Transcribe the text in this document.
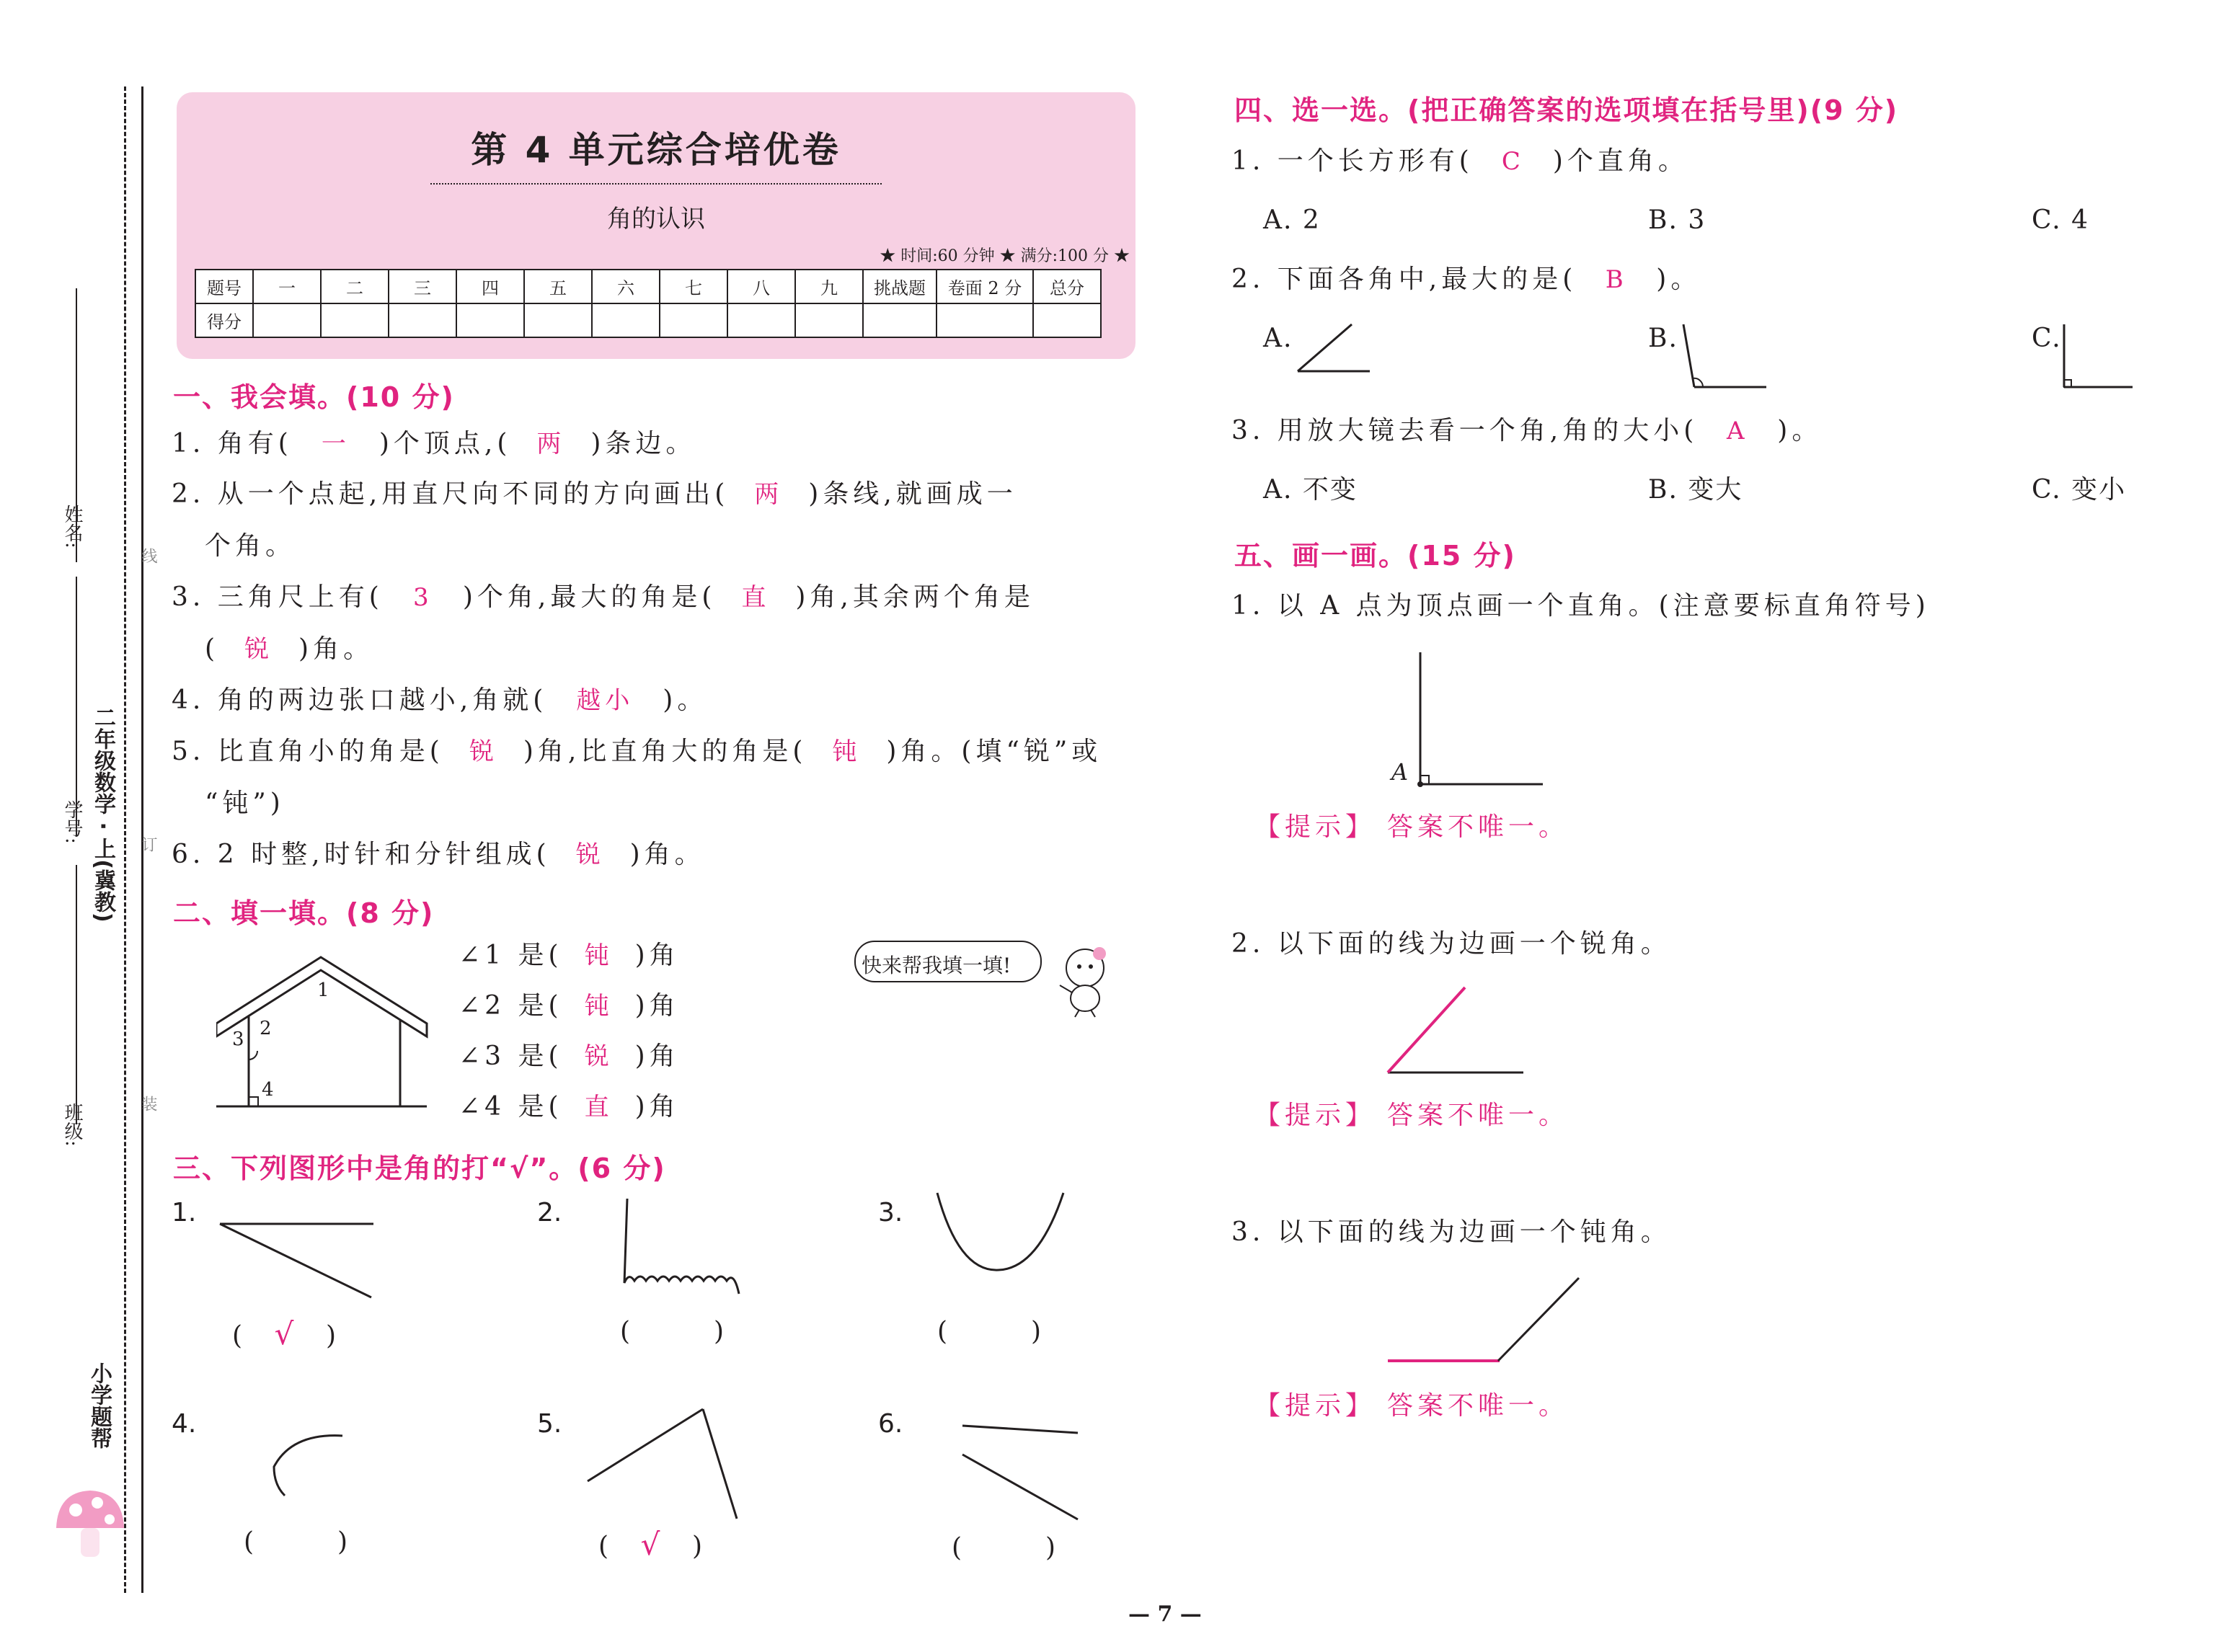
线
订
装
姓名:
学号:
班级:
二年级数学 · 上(冀教)
小学题帮
第 4 单元综合培优卷
角的认识
★ 时间:60 分钟 ★ 满分:100 分 ★
题号	一	二	三	四	五	六	七	八	九	挑战题	卷面 2 分	总分
得分												
一、我会填。(10 分)
1. 角有( 一 )个顶点,( 两 )条边。
2. 从一个点起,用直尺向不同的方向画出( 两 )条线,就画成一
个角。
3. 三角尺上有( 3 )个角,最大的角是( 直 )角,其余两个角是
( 锐 )角。
4. 角的两边张口越小,角就( 越小 )。
5. 比直角小的角是( 锐 )角,比直角大的角是( 钝 )角。(填“锐”或
“钝”)
6. 2 时整,时针和分针组成( 锐 )角。
二、填一填。(8 分)
1
2
3
4
∠1 是( 钝 )角
∠2 是( 钝 )角
∠3 是( 锐 )角
∠4 是( 直 )角
快来帮我填一填!
三、下列图形中是角的打“√”。(6 分)
1.
( √ )
2.
(	)
3.
(	)
4.
(	)
5.
( √ )
6.
(	)
四、选一选。(把正确答案的选项填在括号里)(9 分)
1. 一个长方形有( C )个直角。
A. 2	B. 3	C. 4
2. 下面各角中,最大的是( B )。
A.	B.	C.
3. 用放大镜去看一个角,角的大小( A )。
A. 不变	B. 变大	C. 变小
五、画一画。(15 分)
1. 以 A 点为顶点画一个直角。(注意要标直角符号)
A
【提示】 答案不唯一。
2. 以下面的线为边画一个锐角。
【提示】 答案不唯一。
3. 以下面的线为边画一个钝角。
【提示】 答案不唯一。
— 7 —
